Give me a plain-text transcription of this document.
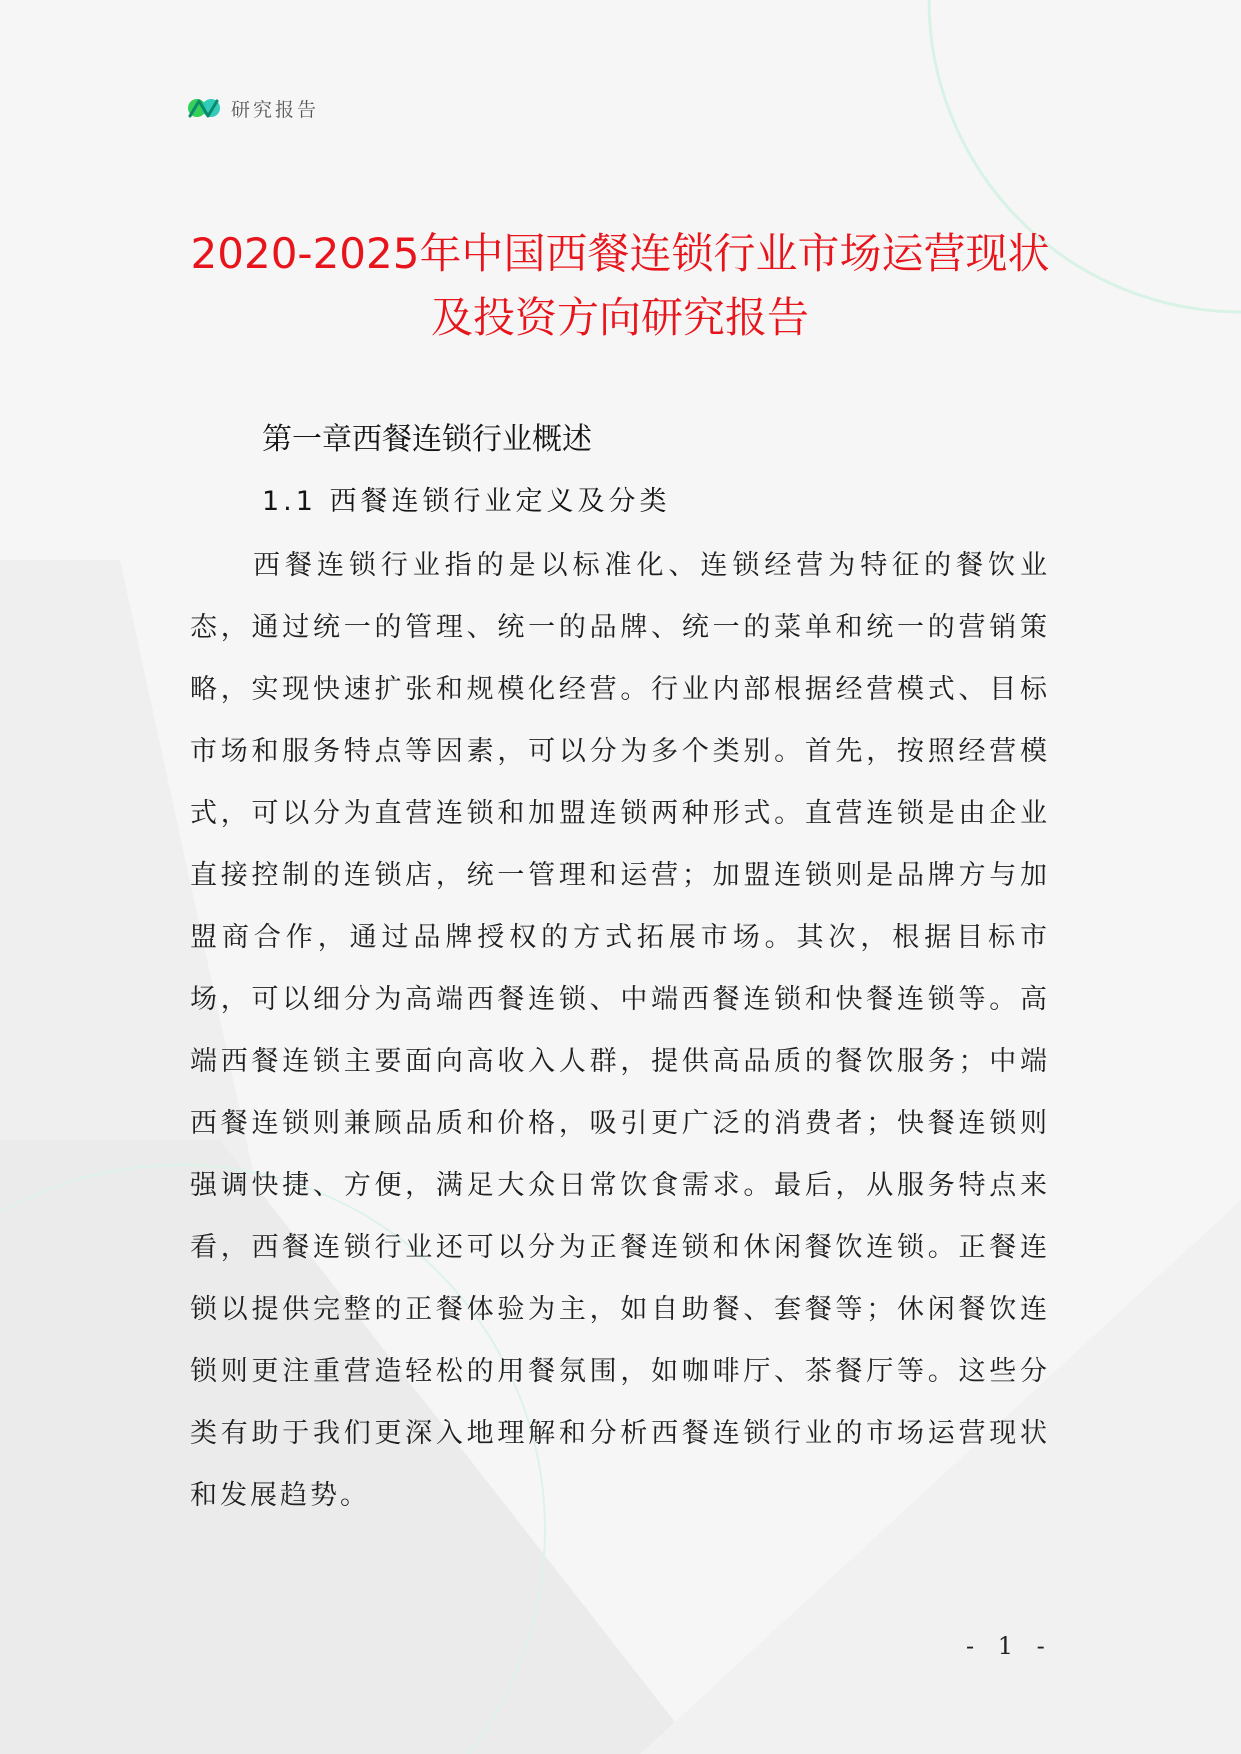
研究报告
2020-2025年中国西餐连锁行业市场运营现状及投资方向研究报告
第一章西餐连锁行业概述
1.1 西餐连锁行业定义及分类

西餐连锁行业指的是以标准化、连锁经营为特征的餐饮业态，通过统一的管理、统一的品牌、统一的菜单和统一的营销策略，实现快速扩张和规模化经营。行业内部根据经营模式、目标市场和服务特点等因素，可以分为多个类别。首先，按照经营模式，可以分为直营连锁和加盟连锁两种形式。直营连锁是由企业直接控制的连锁店，统一管理和运营；加盟连锁则是品牌方与加盟商合作，通过品牌授权的方式拓展市场。其次，根据目标市场，可以细分为高端西餐连锁、中端西餐连锁和快餐连锁等。高端西餐连锁主要面向高收入人群，提供高品质的餐饮服务；中端西餐连锁则兼顾品质和价格，吸引更广泛的消费者；快餐连锁则强调快捷、方便，满足大众日常饮食需求。最后，从服务特点来看，西餐连锁行业还可以分为正餐连锁和休闲餐饮连锁。正餐连锁以提供完整的正餐体验为主，如自助餐、套餐等；休闲餐饮连锁则更注重营造轻松的用餐氛围，如咖啡厅、茶餐厅等。这些分类有助于我们更深入地理解和分析西餐连锁行业的市场运营现状和发展趋势。

- 1 -
